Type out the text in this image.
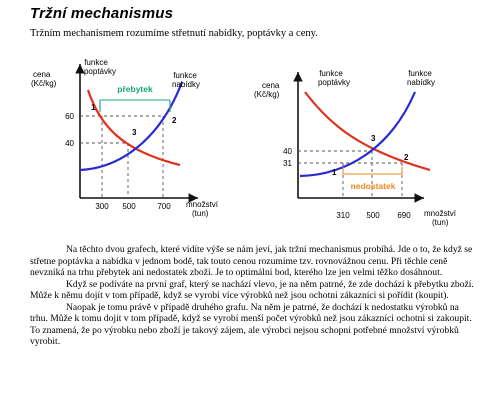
Tržní mechanismus

Tržním mechanismem rozumíme střetnutí nabídky, poptávky a ceny.

cena
(Kč/kg)
množství
(tun)
funkce
poptávky	funkce
nabídky
přebytek
1
2
3
60
40
300 500	700
cena
(Kč/kg)
množství
(tun)
funkce
poptávky
funkce
nabídky
nedostatek
1
2
3
40
31
310 500 690

Na těchto dvou grafech, které vidíte výše se nám jeví, jak tržní mechanismus probíhá. Jde o to, že když se střetne poptávka a nabídka v jednom bodě, tak touto cenou rozumíme tzv. rovnovážnou cenu. Při těchle ceně nevzniká na trhu přebytek ani nedostatek zboží. Je to optimální bod, kterého lze jen velmi těžko dosáhnout.

Když se podíváte na první graf, který se nachází vlevo, je na něm patrné, že zde dochází k přebytku zboží. Může k němu dojít v tom případě, když se vyrobí více výrobků než jsou ochotni zákazníci si pořídit (koupit).

Naopak je tomu právě v případě druhého grafu. Na něm je patrné, že dochází k nedostatku výrobků na trhu. Může k tomu dojít v tom případě, když se vyrobí menší počet výrobků než jsou zákazníci ochotni si zakoupit. To znamená, že po výrobku nebo zboží je takový zájem, ale výrobci nejsou schopni potřebné množství výrobků vyrobit.
